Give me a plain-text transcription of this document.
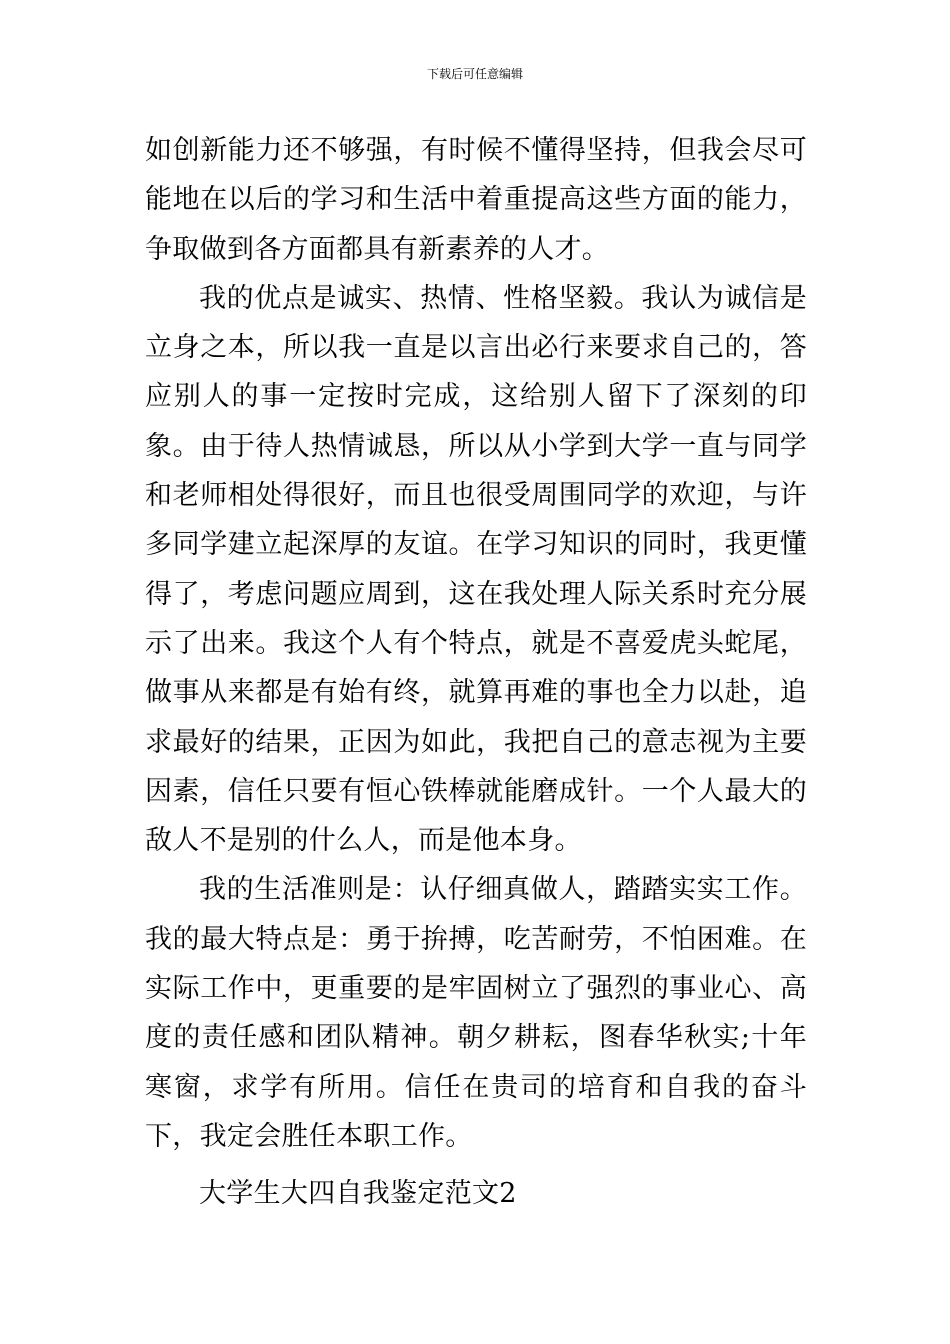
下载后可任意编辑

如创新能力还不够强，有时候不懂得坚持，但我会尽可能地在以后的学习和生活中着重提高这些方面的能力，争取做到各方面都具有新素养的人才。

我的优点是诚实、热情、性格坚毅。我认为诚信是立身之本，所以我一直是以言出必行来要求自己的，答应别人的事一定按时完成，这给别人留下了深刻的印象。由于待人热情诚恳，所以从小学到大学一直与同学和老师相处得很好，而且也很受周围同学的欢迎，与许多同学建立起深厚的友谊。在学习知识的同时，我更懂得了，考虑问题应周到，这在我处理人际关系时充分展示了出来。我这个人有个特点，就是不喜爱虎头蛇尾，做事从来都是有始有终，就算再难的事也全力以赴，追求最好的结果，正因为如此，我把自己的意志视为主要因素，信任只要有恒心铁棒就能磨成针。一个人最大的敌人不是别的什么人，而是他本身。

我的生活准则是：认仔细真做人，踏踏实实工作。我的最大特点是：勇于拚搏，吃苦耐劳，不怕困难。在实际工作中，更重要的是牢固树立了强烈的事业心、高度的责任感和团队精神。朝夕耕耘，图春华秋实;十年寒窗，求学有所用。信任在贵司的培育和自我的奋斗下，我定会胜任本职工作。

大学生大四自我鉴定范文2
